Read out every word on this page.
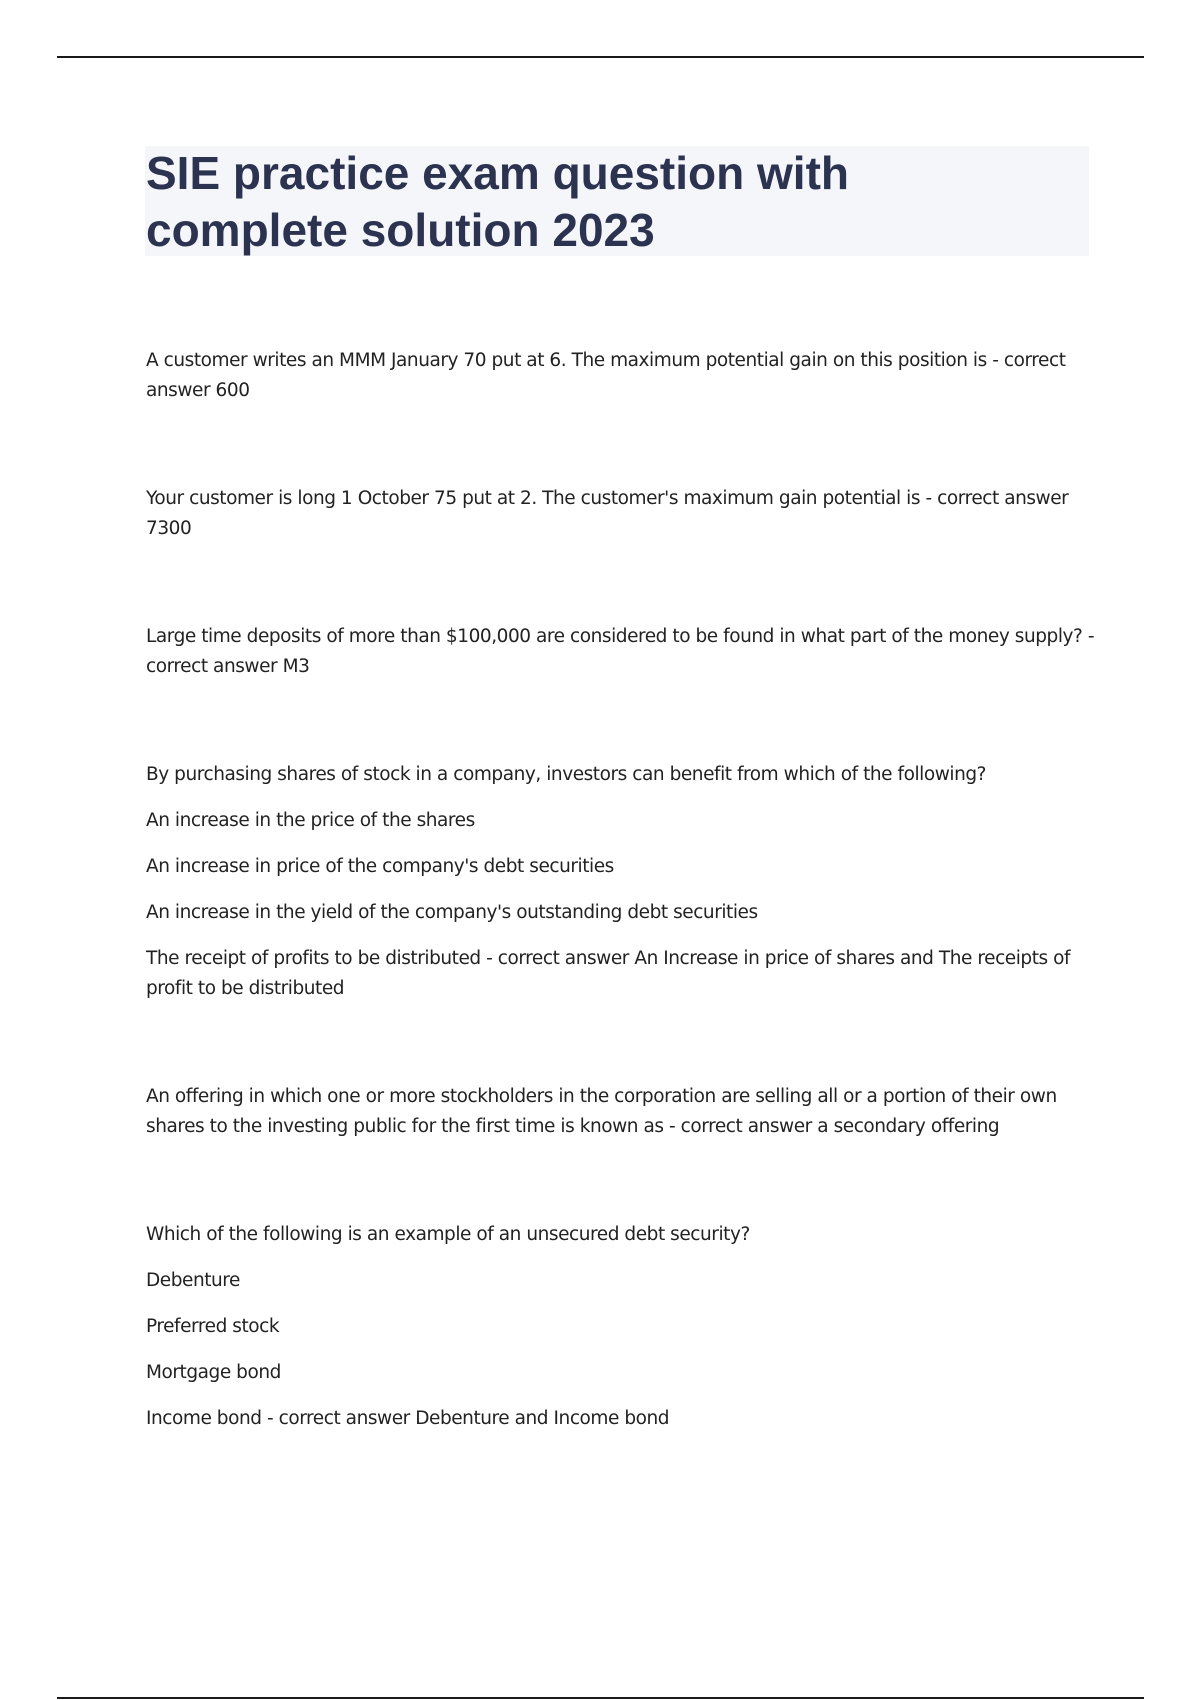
SIE practice exam question with complete solution 2023

A customer writes an MMM January 70 put at 6. The maximum potential gain on this position is - correct answer 600

Your customer is long 1 October 75 put at 2. The customer's maximum gain potential is - correct answer 7300

Large time deposits of more than $100,000 are considered to be found in what part of the money supply? - correct answer M3

By purchasing shares of stock in a company, investors can benefit from which of the following?

An increase in the price of the shares

An increase in price of the company's debt securities

An increase in the yield of the company's outstanding debt securities

The receipt of profits to be distributed - correct answer An Increase in price of shares and The receipts of profit to be distributed

An offering in which one or more stockholders in the corporation are selling all or a portion of their own shares to the investing public for the first time is known as - correct answer a secondary offering

Which of the following is an example of an unsecured debt security?

Debenture

Preferred stock

Mortgage bond

Income bond - correct answer Debenture and Income bond
